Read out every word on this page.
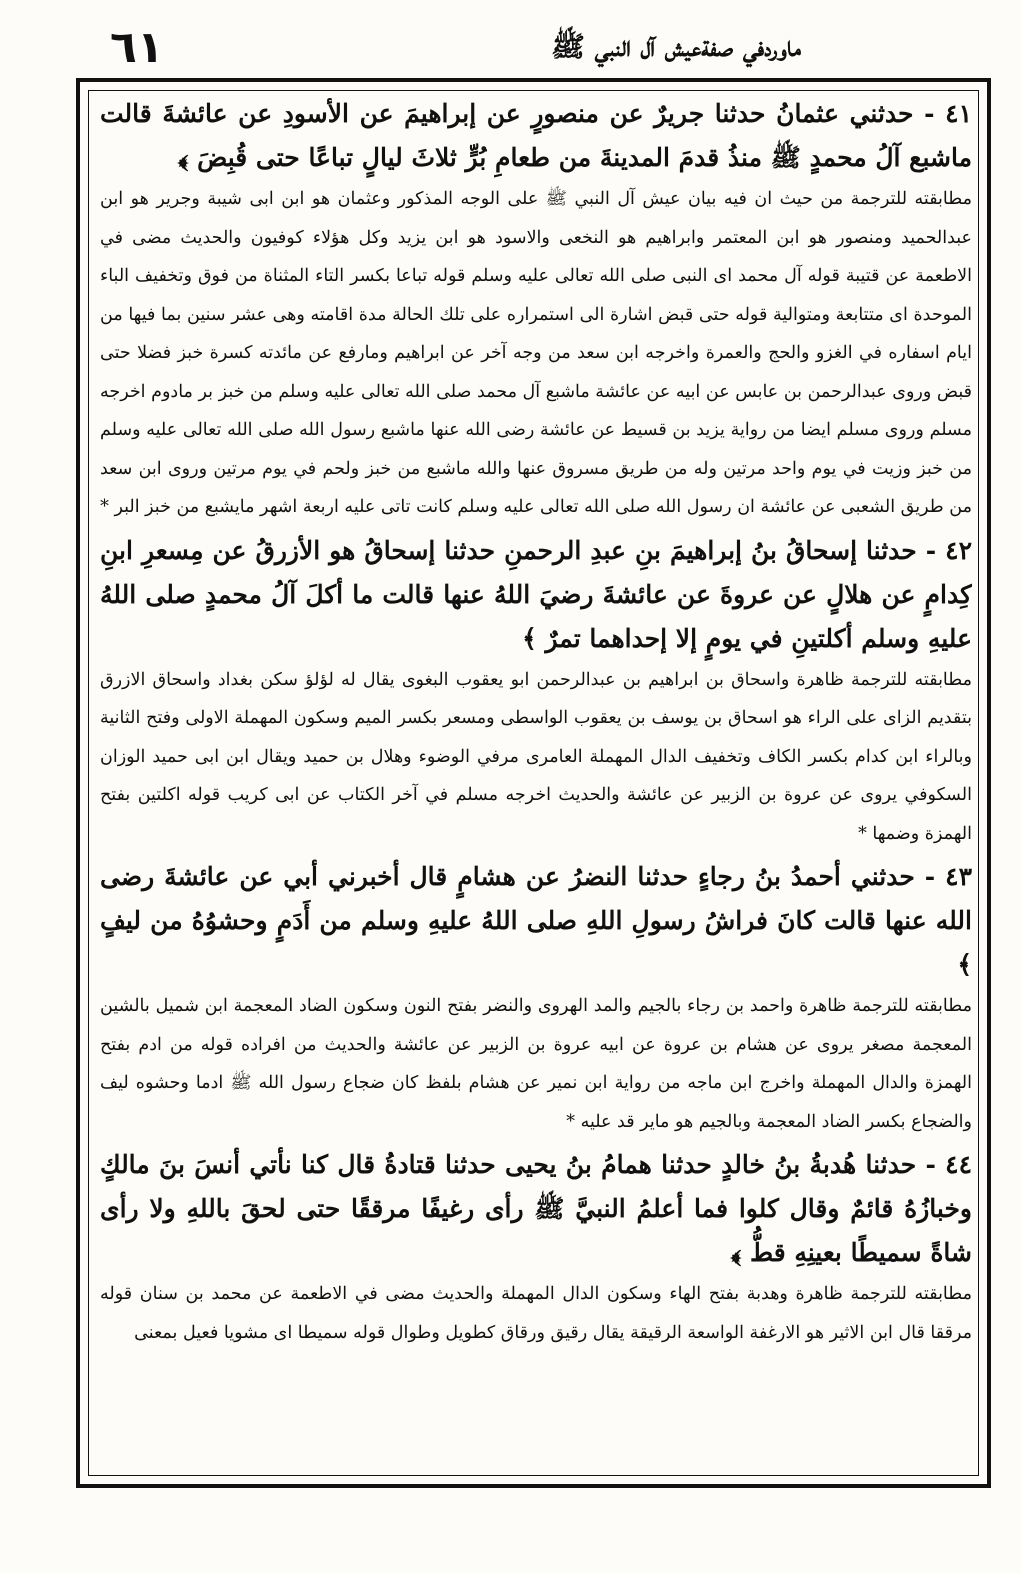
٦١	ماوردفي صفةعيش آل النبي ﷺ

٤١ - حدثني عثمانُ حدثنا جريرٌ عن منصورٍ عن إبراهيمَ عن الأسودِ عن عائشةَ قالت ماشبع آلُ محمدٍ ﷺ منذُ قدمَ المدينةَ من طعامِ بُرٍّ ثلاثَ ليالٍ تباعًا حتى قُبِضَ ﴾

مطابقته للترجمة من حيث ان فيه بيان عيش آل النبي ﷺ على الوجه المذكور وعثمان هو ابن ابى شيبة وجرير هو ابن عبدالحميد ومنصور هو ابن المعتمر وابراهيم هو النخعى والاسود هو ابن يزيد وكل هؤلاء كوفيون والحديث مضى في الاطعمة عن قتيبة قوله آل محمد اى النبى صلى الله تعالى عليه وسلم قوله تباعا بكسر التاء المثناة من فوق وتخفيف الباء الموحدة اى متتابعة ومتوالية قوله حتى قبض اشارة الى استمراره على تلك الحالة مدة اقامته وهى عشر سنين بما فيها من ايام اسفاره في الغزو والحج والعمرة واخرجه ابن سعد من وجه آخر عن ابراهيم ومارفع عن مائدته كسرة خبز فضلا حتى قبض وروى عبدالرحمن بن عابس عن ابيه عن عائشة ماشبع آل محمد صلى الله تعالى عليه وسلم من خبز بر مادوم اخرجه مسلم وروى مسلم ايضا من رواية يزيد بن قسيط عن عائشة رضى الله عنها ماشبع رسول الله صلى الله تعالى عليه وسلم من خبز وزيت في يوم واحد مرتين وله من طريق مسروق عنها والله ماشبع من خبز ولحم في يوم مرتين وروى ابن سعد من طريق الشعبى عن عائشة ان رسول الله صلى الله تعالى عليه وسلم كانت تاتى عليه اربعة اشهر مايشبع من خبز البر *

٤٢ - حدثنا إسحاقُ بنُ إبراهيمَ بنِ عبدِ الرحمنِ حدثنا إسحاقُ هو الأزرقُ عن مِسعرِ ابنِ كِدامٍ عن هلالٍ عن عروةَ عن عائشةَ رضيَ اللهُ عنها قالت ما أكلَ آلُ محمدٍ صلى اللهُ عليهِ وسلم أكلتينِ في يومٍ إلا إحداهما تمرٌ ﴾

مطابقته للترجمة ظاهرة واسحاق بن ابراهيم بن عبدالرحمن ابو يعقوب البغوى يقال له لؤلؤ سكن بغداد واسحاق الازرق بتقديم الزاى على الراء هو اسحاق بن يوسف بن يعقوب الواسطى ومسعر بكسر الميم وسكون المهملة الاولى وفتح الثانية وبالراء ابن كدام بكسر الكاف وتخفيف الدال المهملة العامرى مرفي الوضوء وهلال بن حميد ويقال ابن ابى حميد الوزان السكوفي يروى عن عروة بن الزبير عن عائشة والحديث اخرجه مسلم في آخر الكتاب عن ابى كريب قوله اكلتين بفتح الهمزة وضمها *

٤٣ - حدثني أحمدُ بنُ رجاءٍ حدثنا النضرُ عن هشامٍ قال أخبرني أبي عن عائشةَ رضى الله عنها قالت كانَ فراشُ رسولِ اللهِ صلى اللهُ عليهِ وسلم من أَدَمٍ وحشوُهُ من ليفٍ ﴾

مطابقته للترجمة ظاهرة واحمد بن رجاء بالجيم والمد الهروى والنضر بفتح النون وسكون الضاد المعجمة ابن شميل بالشين المعجمة مصغر يروى عن هشام بن عروة عن ابيه عروة بن الزبير عن عائشة والحديث من افراده قوله من ادم بفتح الهمزة والدال المهملة واخرج ابن ماجه من رواية ابن نمير عن هشام بلفظ كان ضجاع رسول الله ﷺ ادما وحشوه ليف والضجاع بكسر الضاد المعجمة وبالجيم هو ماير قد عليه *

٤٤ - حدثنا هُدبةُ بنُ خالدٍ حدثنا همامُ بنُ يحيى حدثنا قتادةُ قال كنا نأتي أنسَ بنَ مالكٍ وخبازُهُ قائمٌ وقال كلوا فما أعلمُ النبيَّ ﷺ رأى رغيفًا مرققًا حتى لحقَ باللهِ ولا رأى شاةً سميطًا بعينِهِ قطُّ ﴾

مطابقته للترجمة ظاهرة وهدبة بفتح الهاء وسكون الدال المهملة والحديث مضى في الاطعمة عن محمد بن سنان قوله مرققا قال ابن الاثير هو الارغفة الواسعة الرقيقة يقال رقيق ورقاق كطويل وطوال قوله سميطا اى مشويا فعيل بمعنى
